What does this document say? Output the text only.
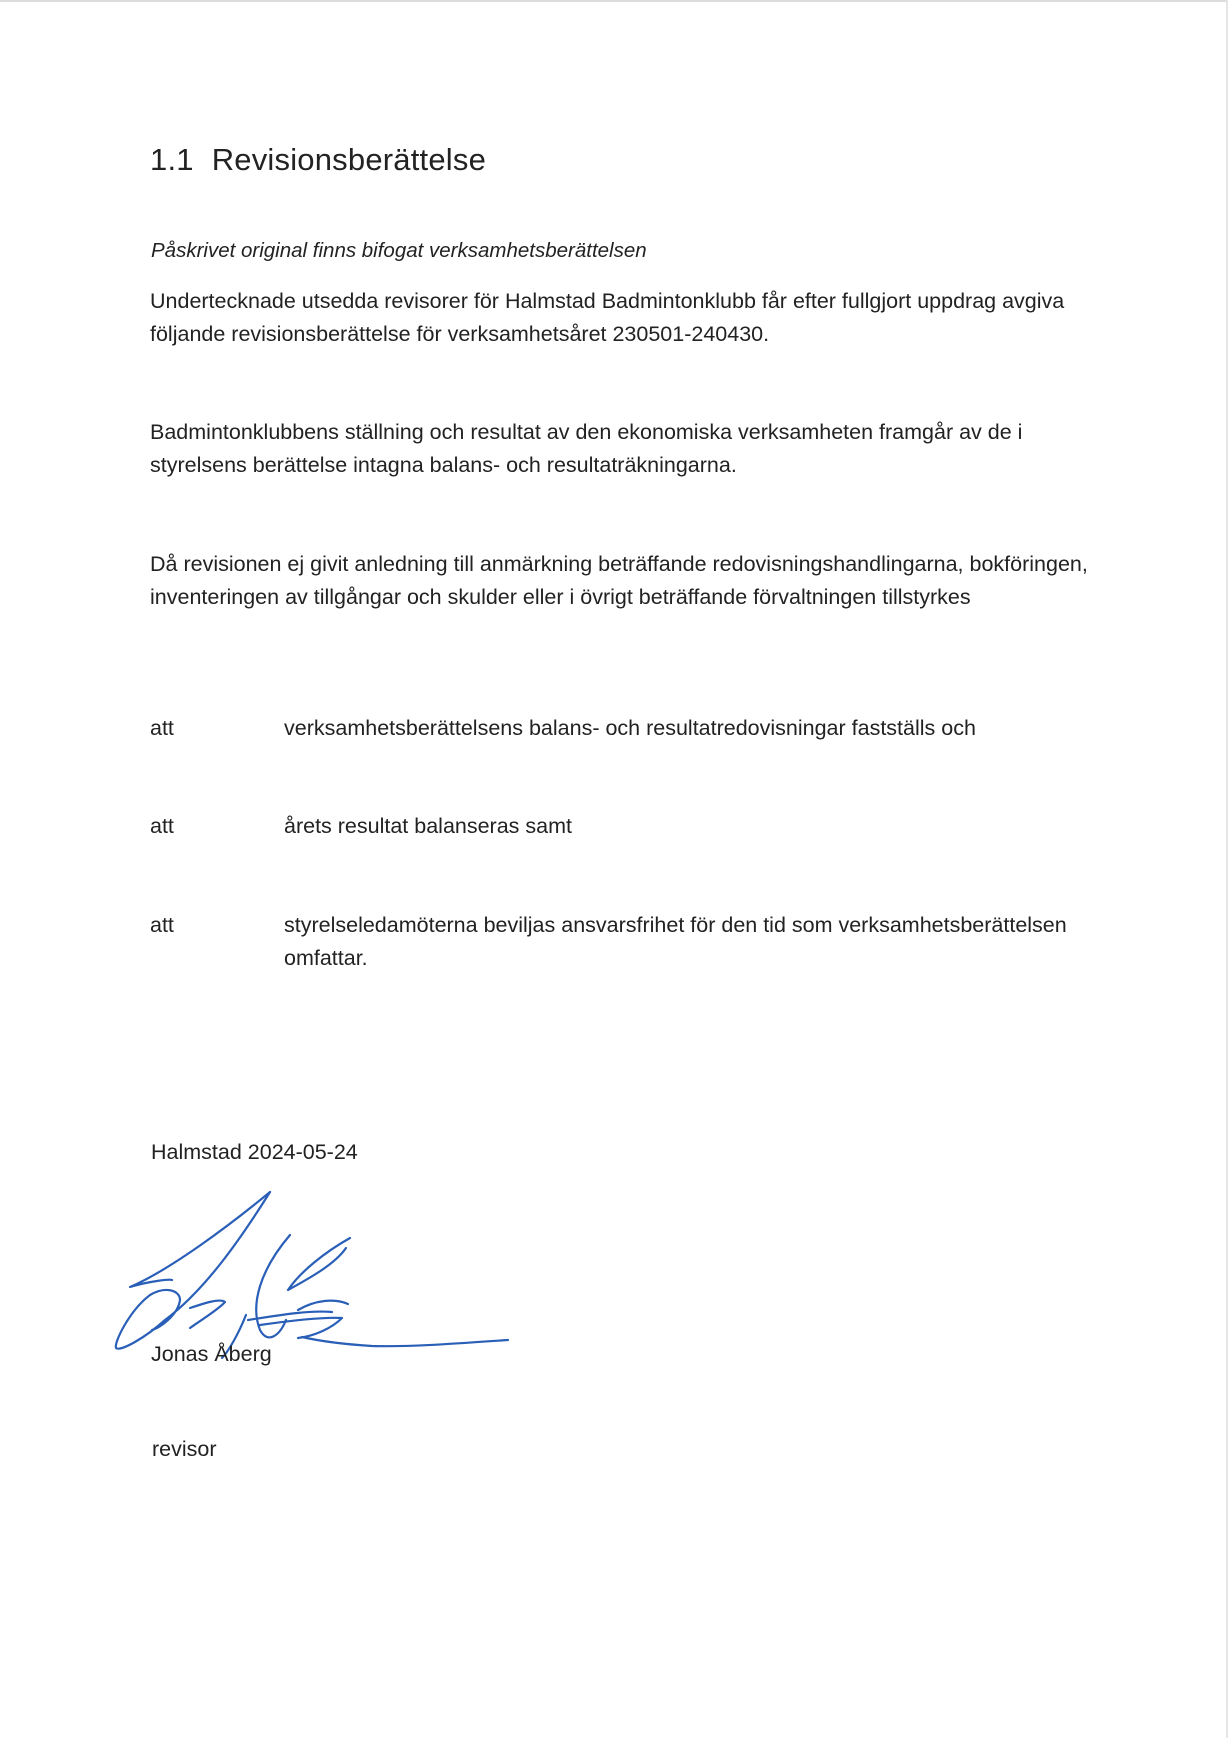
1.1 Revisionsberättelse
Påskrivet original finns bifogat verksamhetsberättelsen
Undertecknade utsedda revisorer för Halmstad Badmintonklubb får efter fullgjort uppdrag avgiva följande revisionsberättelse för verksamhetsåret 230501-240430.
Badmintonklubbens ställning och resultat av den ekonomiska verksamheten framgår av de i styrelsens berättelse intagna balans- och resultaträkningarna.
Då revisionen ej givit anledning till anmärkning beträffande redovisningshandlingarna, bokföringen, inventeringen av tillgångar och skulder eller i övrigt beträffande förvaltningen tillstyrkes
att	verksamhetsberättelsens balans- och resultatredovisningar fastställs och
att	årets resultat balanseras samt
att	styrelseledamöterna beviljas ansvarsfrihet för den tid som verksamhetsberättelsen omfattar.
Halmstad 2024-05-24
Jonas Åberg
revisor
